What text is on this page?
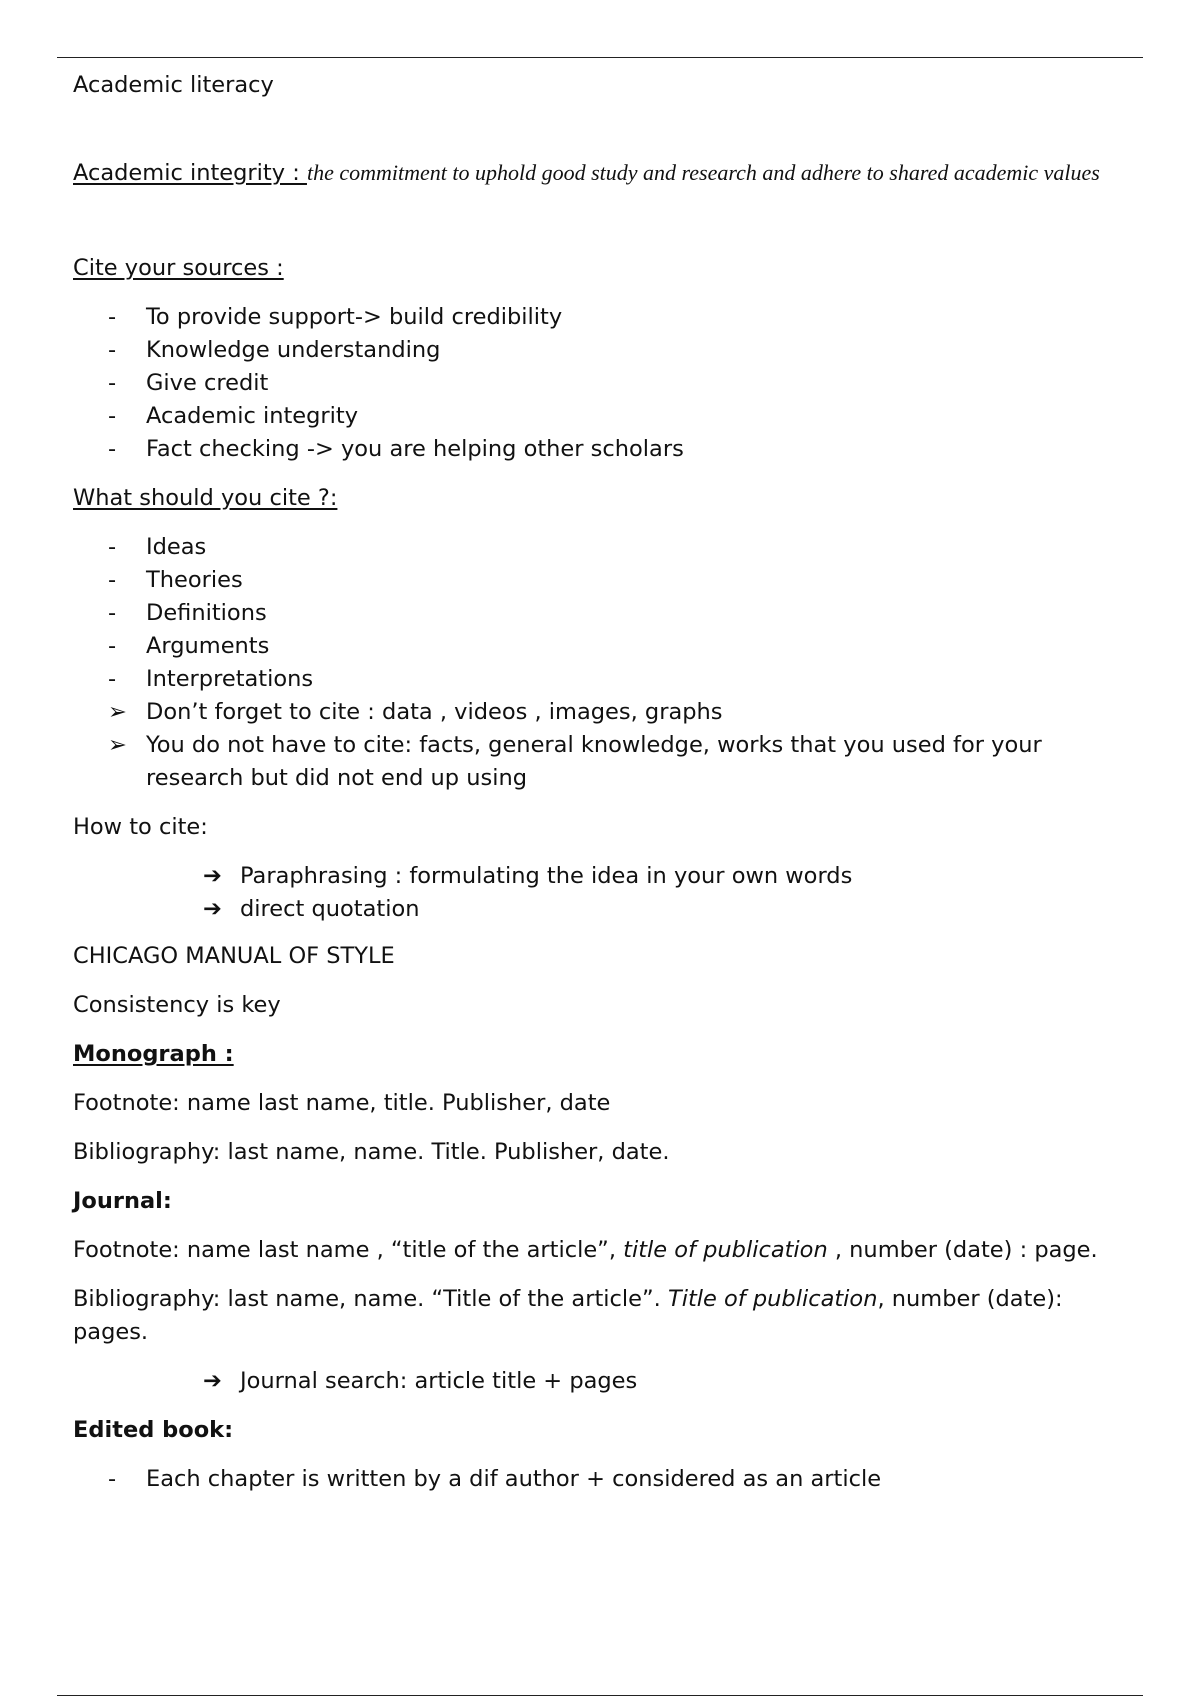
Academic literacy

Academic integrity : the commitment to uphold good study and research and adhere to shared academic values

Cite your sources :

- To provide support-> build credibility
- Knowledge understanding
- Give credit
- Academic integrity
- Fact checking -> you are helping other scholars

What should you cite ?:

- Ideas
- Theories
- Definitions
- Arguments
- Interpretations
➢ Don’t forget to cite : data , videos , images, graphs
➢ You do not have to cite: facts, general knowledge, works that you used for your research but did not end up using

How to cite:

➔ Paraphrasing : formulating the idea in your own words
➔ direct quotation

CHICAGO MANUAL OF STYLE

Consistency is key

Monograph :

Footnote: name last name, title. Publisher, date

Bibliography: last name, name. Title. Publisher, date.

Journal:

Footnote: name last name , “title of the article”, title of publication , number (date) : page.

Bibliography: last name, name. “Title of the article”. Title of publication, number (date): pages.

➔ Journal search: article title + pages

Edited book:

- Each chapter is written by a dif author + considered as an article
